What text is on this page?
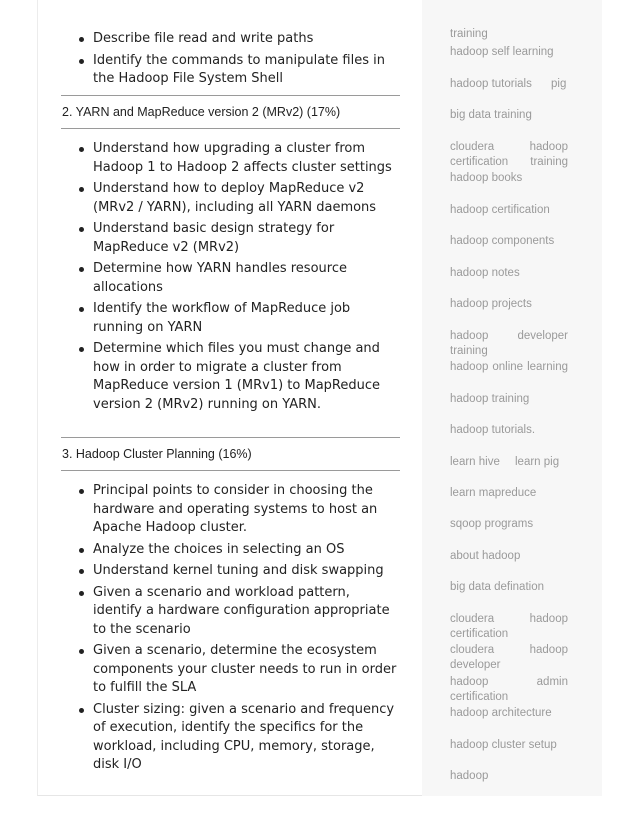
Describe file read and write paths
Identify the commands to manipulate files in the Hadoop File System Shell
2. YARN and MapReduce version 2 (MRv2) (17%)
Understand how upgrading a cluster from Hadoop 1 to Hadoop 2 affects cluster settings
Understand how to deploy MapReduce v2 (MRv2 / YARN), including all YARN daemons
Understand basic design strategy for MapReduce v2 (MRv2)
Determine how YARN handles resource allocations
Identify the workflow of MapReduce job running on YARN
Determine which files you must change and how in order to migrate a cluster from MapReduce version 1 (MRv1) to MapReduce version 2 (MRv2) running on YARN.
3. Hadoop Cluster Planning (16%)
Principal points to consider in choosing the hardware and operating systems to host an Apache Hadoop cluster.
Analyze the choices in selecting an OS
Understand kernel tuning and disk swapping
Given a scenario and workload pattern, identify a hardware configuration appropriate to the scenario
Given a scenario, determine the ecosystem components your cluster needs to run in order to fulfill the SLA
Cluster sizing: given a scenario and frequency of execution, identify the specifics for the workload, including CPU, memory, storage, disk I/O
training
hadoop self learning
hadoop tutorials pig
big data training
cloudera hadoop certification training
hadoop books
hadoop certification
hadoop components
hadoop notes
hadoop projects
hadoop developer training
hadoop online learning
hadoop training
hadoop tutorials.
learn hive learn pig
learn mapreduce
sqoop programs
about hadoop
big data defination
cloudera hadoop certification
cloudera hadoop developer
hadoop admin certification
hadoop architecture
hadoop cluster setup
hadoop
